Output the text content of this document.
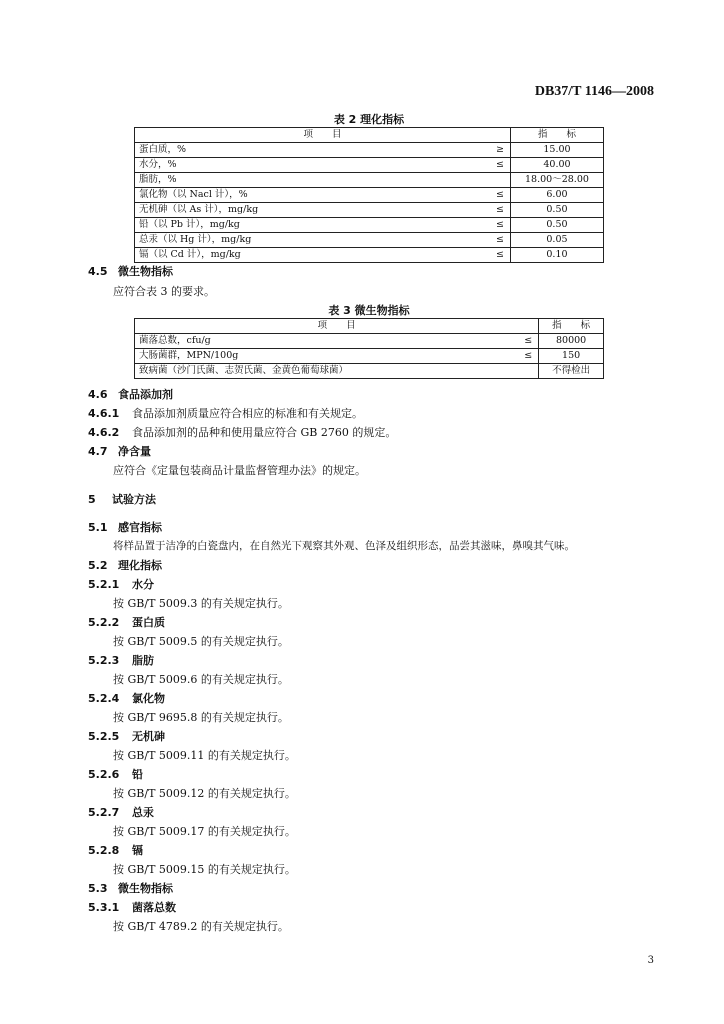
DB37/T 1146—2008
表 2 理化指标
项　　目		指　　标
蛋白质，%	≥	15.00
水分，%	≤	40.00
脂肪，%		18.00～28.00
氯化物（以 Nacl 计），%	≤	6.00
无机砷（以 As 计），mg/kg	≤	0.50
铅（以 Pb 计），mg/kg	≤	0.50
总汞（以 Hg 计），mg/kg	≤	0.05
镉（以 Cd 计），mg/kg	≤	0.10
4.5 微生物指标
应符合表 3 的要求。
表 3 微生物指标
项　　目		指　　标
菌落总数，cfu/g	≤	80000
大肠菌群，MPN/100g	≤	150
致病菌（沙门氏菌、志贺氏菌、金黄色葡萄球菌）		不得检出
4.6 食品添加剂
4.6.1 食品添加剂质量应符合相应的标准和有关规定。
4.6.2 食品添加剂的品种和使用量应符合 GB 2760 的规定。
4.7 净含量
应符合《定量包装商品计量监督管理办法》的规定。
5 试验方法
5.1 感官指标
将样品置于洁净的白瓷盘内，在自然光下观察其外观、色泽及组织形态，品尝其滋味，鼻嗅其气味。
5.2 理化指标
5.2.1 水分
按 GB/T 5009.3 的有关规定执行。
5.2.2 蛋白质
按 GB/T 5009.5 的有关规定执行。
5.2.3 脂肪
按 GB/T 5009.6 的有关规定执行。
5.2.4 氯化物
按 GB/T 9695.8 的有关规定执行。
5.2.5 无机砷
按 GB/T 5009.11 的有关规定执行。
5.2.6 铅
按 GB/T 5009.12 的有关规定执行。
5.2.7 总汞
按 GB/T 5009.17 的有关规定执行。
5.2.8 镉
按 GB/T 5009.15 的有关规定执行。
5.3 微生物指标
5.3.1 菌落总数
按 GB/T 4789.2 的有关规定执行。
3
